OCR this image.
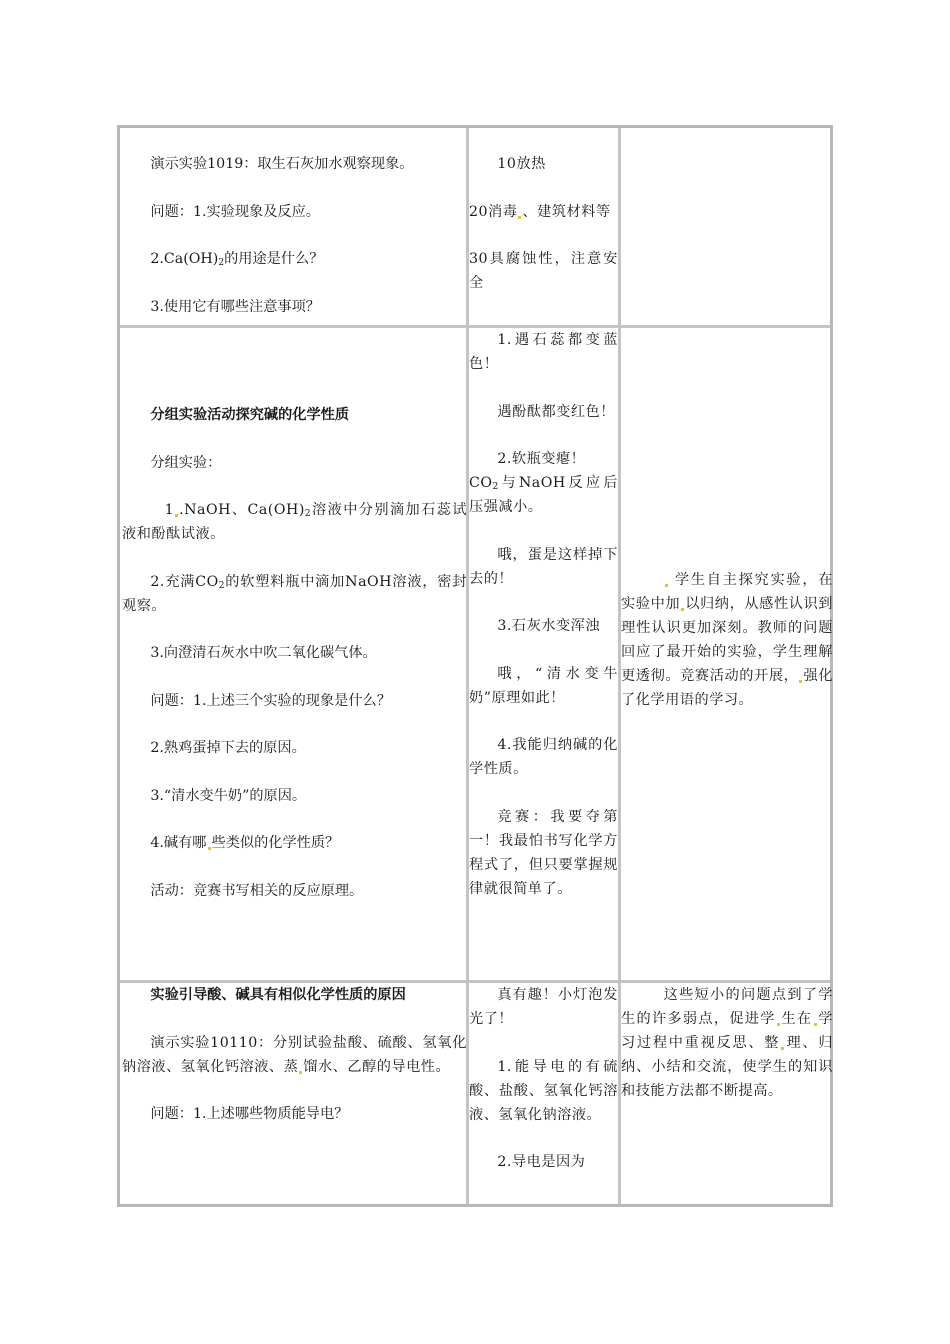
演示实验1019：取生石灰加水观察现象。

问题：1.实验现象及反应。

$2.Ca(OH)_2$的用途是什么？

3.使用它有哪些注意事项？

10放热

20消毒 、建筑材料等

30具腐蚀性，注意安全

分组实验活动探究碱的化学性质

分组实验：

1 .NaOH、$Ca(OH)_2$溶液中分别滴加石蕊试液和酚酞试液。

2.充满$CO_2$的软塑料瓶中滴加NaOH溶液，密封观察。

3.向澄清石灰水中吹二氧化碳气体。

问题：1.上述三个实验的现象是什么？

2.熟鸡蛋掉下去的原因。

3.“清水变牛奶”的原因。

4.碱有哪 些类似的化学性质？

活动：竞赛书写相关的反应原理。

1.遇石蕊都变蓝色！

遇酚酞都变红色！

2.软瓶变瘪！

$CO_2$与NaOH反应后压强减小。

哦，蛋是这样掉下去的！

3.石灰水变浑浊

哦，“清水变牛奶”原理如此！

4.我能归纳碱的化学性质。

竞赛：我要夺第一！我最怕书写化学方程式了，但只要掌握规律就很简单了。

学生自主探究实验，在实验中加 以归纳，从感性认识到理性认识更加深刻。教师的问题回应了最开始的实验，学生理解更透彻。竞赛活动的开展， 强化了化学用语的学习。

实验引导酸、碱具有相似化学性质的原因

演示实验10110：分别试验盐酸、硫酸、氢氧化钠溶液、氢氧化钙溶液、蒸 馏水、乙醇的导电性。

问题：1.上述哪些物质能导电？

真有趣！小灯泡发光了！

1.能导电的有硫酸、盐酸、氢氧化钙溶液、氢氧化钠溶液。

2.导电是因为

这些短小的问题点到了学生的许多弱点，促进学 生在 学习过程中重视反思、整 理、归纳、小结和交流，使学生的知识和技能方法都不断提高。
